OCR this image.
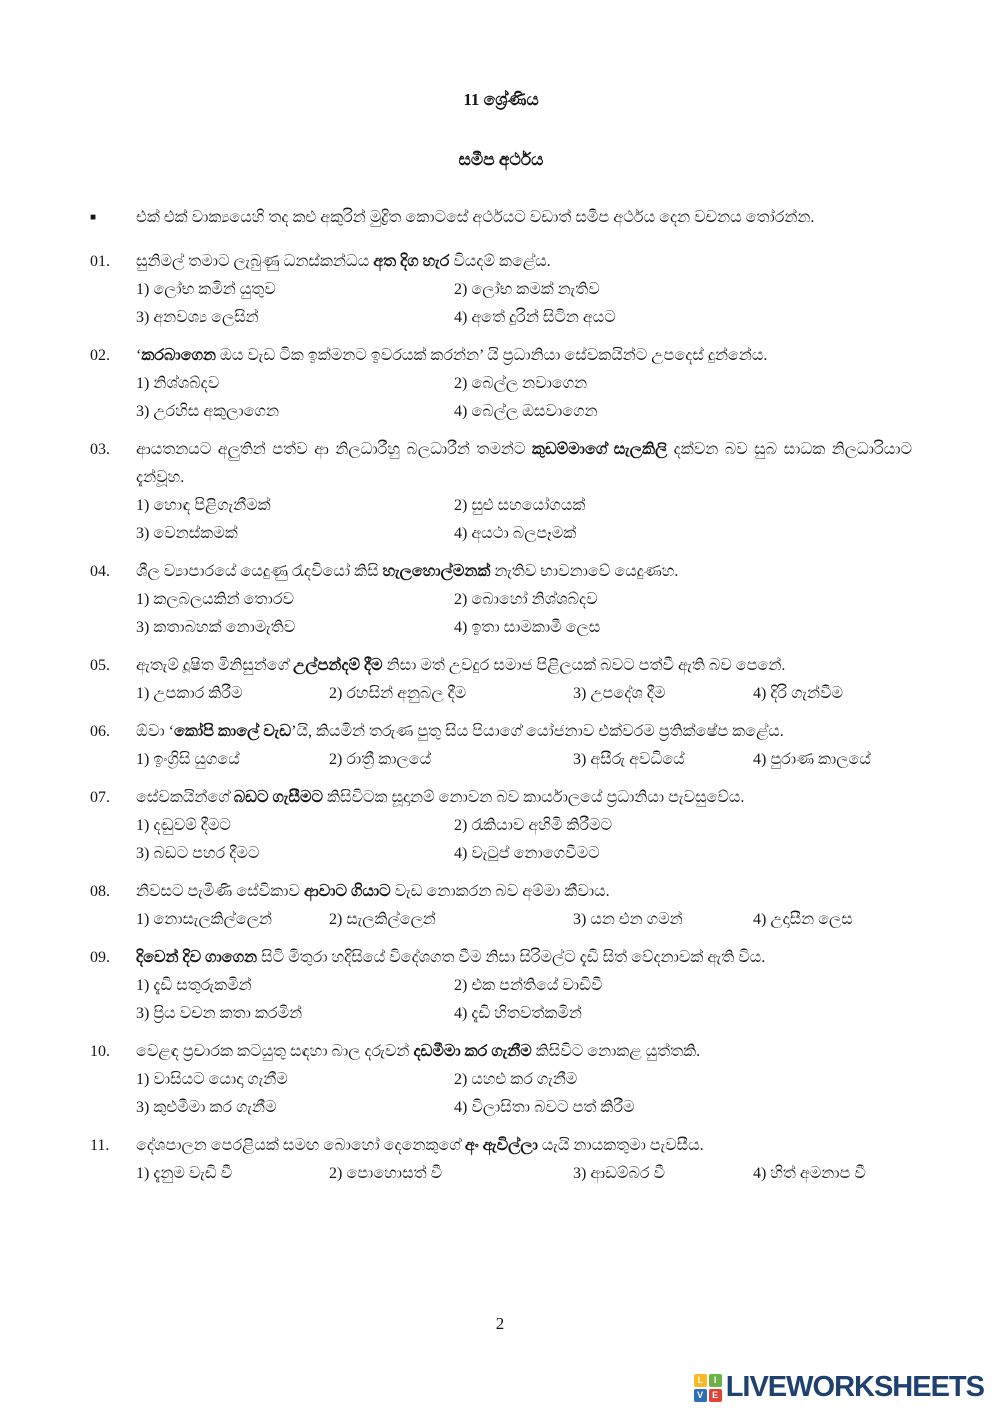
11 ශ්‍රේණිය
සමීප අර්ථය
■	එක් එක් වාක්‍යයෙහි තද කළු අකුරින් මුද්‍රිත කොටසේ අර්ථයට වඩාත් සමීප අර්ථය දෙන වචනය තෝරන්න.
01.	සුනිමල් තමාට ලැබුණු ධනස්කන්ධය අත දිග හැර වියදම් කළේය.
1) ලෝභ කමින් යුතුව	2) ලෝභ කමක් නැතිව
3) අනවශ්‍ය ලෙසින්	4) අතේ දුරින් සිටින අයට
02.	‘කරබාගෙන ඔය වැඩ ටික ඉක්මනට ඉවරයක් කරන්න’ යි ප්‍රධානියා සේවකයින්ට උපදෙස් දුන්නේය.
1) නිශ්ශබ්දව	2) බෙල්ල නවාගෙන
3) උරහිස අකුලාගෙන	4) බෙල්ල ඔසවාගෙන
03.	ආයතනයට අලුතින් පත්ව ආ නිලධාරීහු බලධාරීන් තමන්ට කුඩම්මාගේ සැලකිලි දක්වන බව සුබ සාධක නිලධාරියාට දැන්වූහ.
1) හොඳ පිළිගැනීමක්	2) සුළු සහයෝගයක්
3) වෙනස්කමක්	4) අයථා බලපෑමක්
04.	ශීල ව්‍යාපාරයේ යෙදුණු රැදවියෝ කිසි හැලහොල්මනක් නැතිව භාවනාවේ යෙදුණහ.
1) කලබලයකින් තොරව	2) බොහෝ නිශ්ශබ්දව
3) කතාබහක් නොමැතිව	4) ඉතා සාමකාමී ලෙස
05.	ඇතැම් දූෂිත මිනිසුන්ගේ උල්පන්දම් දීම නිසා මත් උවදුර සමාජ පිළිලයක් බවට පත්වී ඇති බව පෙනේ.
1) උපකාර කිරීම	2) රහසින් අනුබල දීම	3) උපදේශ දීම	4) දිරි ගැන්වීම
06.	ඕවා ‘කෝපි කාලේ වැඩ’යි, කියමින් තරුණ පුතු සිය පියාගේ යෝජනාව එක්වරම ප්‍රතික්ෂේප කළේය.
1) ඉංග්‍රිසි යුගයේ	2) රාත්‍රී කාලයේ	3) අසීරු අවධියේ	4) පුරාණ කාලයේ
07.	සේවකයින්ගේ බඩට ගැසීමට කිසිවිටක සූදානම් නොවන බව කාර්යාලයේ ප්‍රධානියා පැවසුවේය.
1) දඬුවම් දීමට	2) රැකියාව අහිමි කිරීමට
3) බඩට පහර දීමට	4) වැටුප් නොගෙවීමට
08.	නිවසට පැමිණි සේවිකාව ආවාට ගියාට වැඩ නොකරන බව අම්මා කීවාය.
1) නොසැලකිල්ලෙන්	2) සැලකිල්ලෙන්	3) යන එන ගමන්	4) උදාසීන ලෙස
09.	දිවෙන් දිව ගාගෙන සිටි මිතුරා හදිසියේ විදේශගත වීම නිසා සිරිමල්ට දැඩි සිත් වේදනාවක් ඇති විය.
1) දැඩි සතුරුකමින්	2) එක පන්තියේ වාඩිවී
3) ප්‍රිය වචන කතා කරමින්	4) දැඩි හිතවත්කමින්
10.	වෙළඳ ප්‍රචාරක කටයුතු සඳහා බාල දරුවන් දඩමීමා කර ගැනීම කිසිවිට නොකළ යුත්තකි.
1) වාසියට යොදා ගැනීම	2) යහළු කර ගැනීම
3) කුළුමීමා කර ගැනීම	4) විලාසිතා බවට පත් කිරීම
11.	දේශපාලන පෙරළියක් සමඟ බොහෝ දෙනෙකුගේ අං ඇවිල්ලා යැයි නායකතුමා පැවසීය.
1) දැනුම වැඩි වී	2) පොහොසත් වී	3) ආඩම්බර වී	4) හිත් අමනාප වී
2
L	I
V E LIVEWORKSHEETS
